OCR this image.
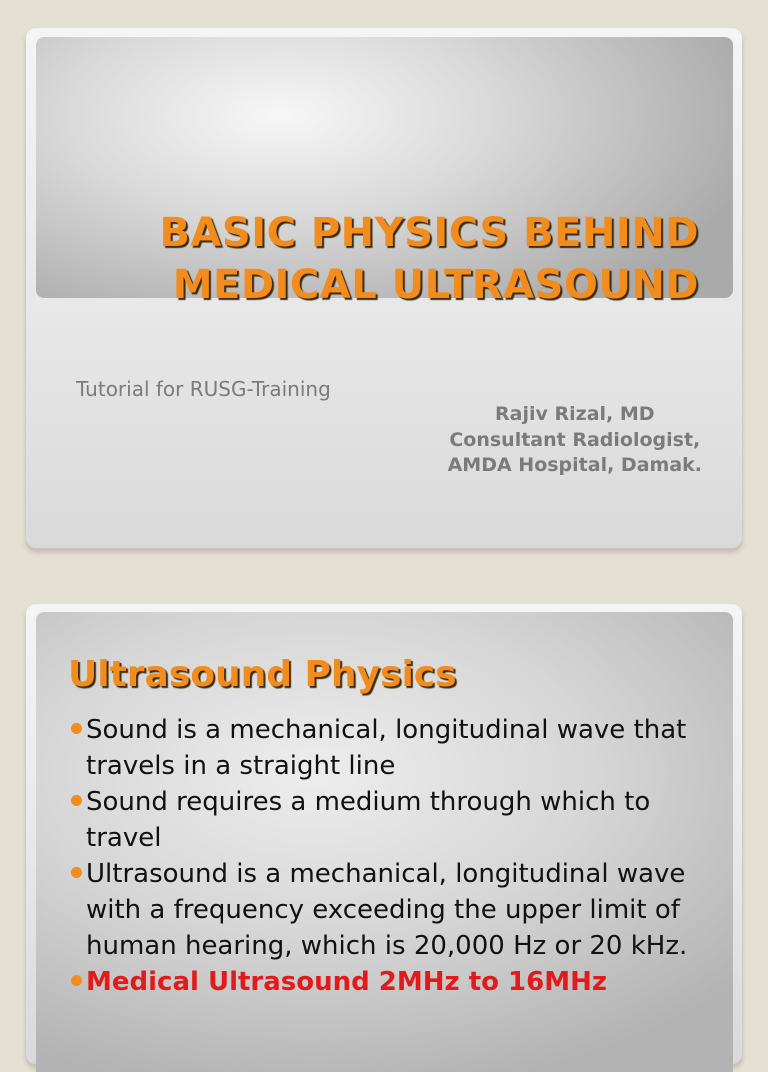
BASIC PHYSICS BEHIND
MEDICAL ULTRASOUND

Tutorial for RUSG-Training

Rajiv Rizal, MD
Consultant Radiologist,
AMDA Hospital, Damak.

Ultrasound Physics
Sound is a mechanical, longitudinal wave that travels in a straight line
Sound requires a medium through which to travel
Ultrasound is a mechanical, longitudinal wave with a frequency exceeding the upper limit of human hearing, which is 20,000 Hz or 20 kHz.
Medical Ultrasound 2MHz to 16MHz
